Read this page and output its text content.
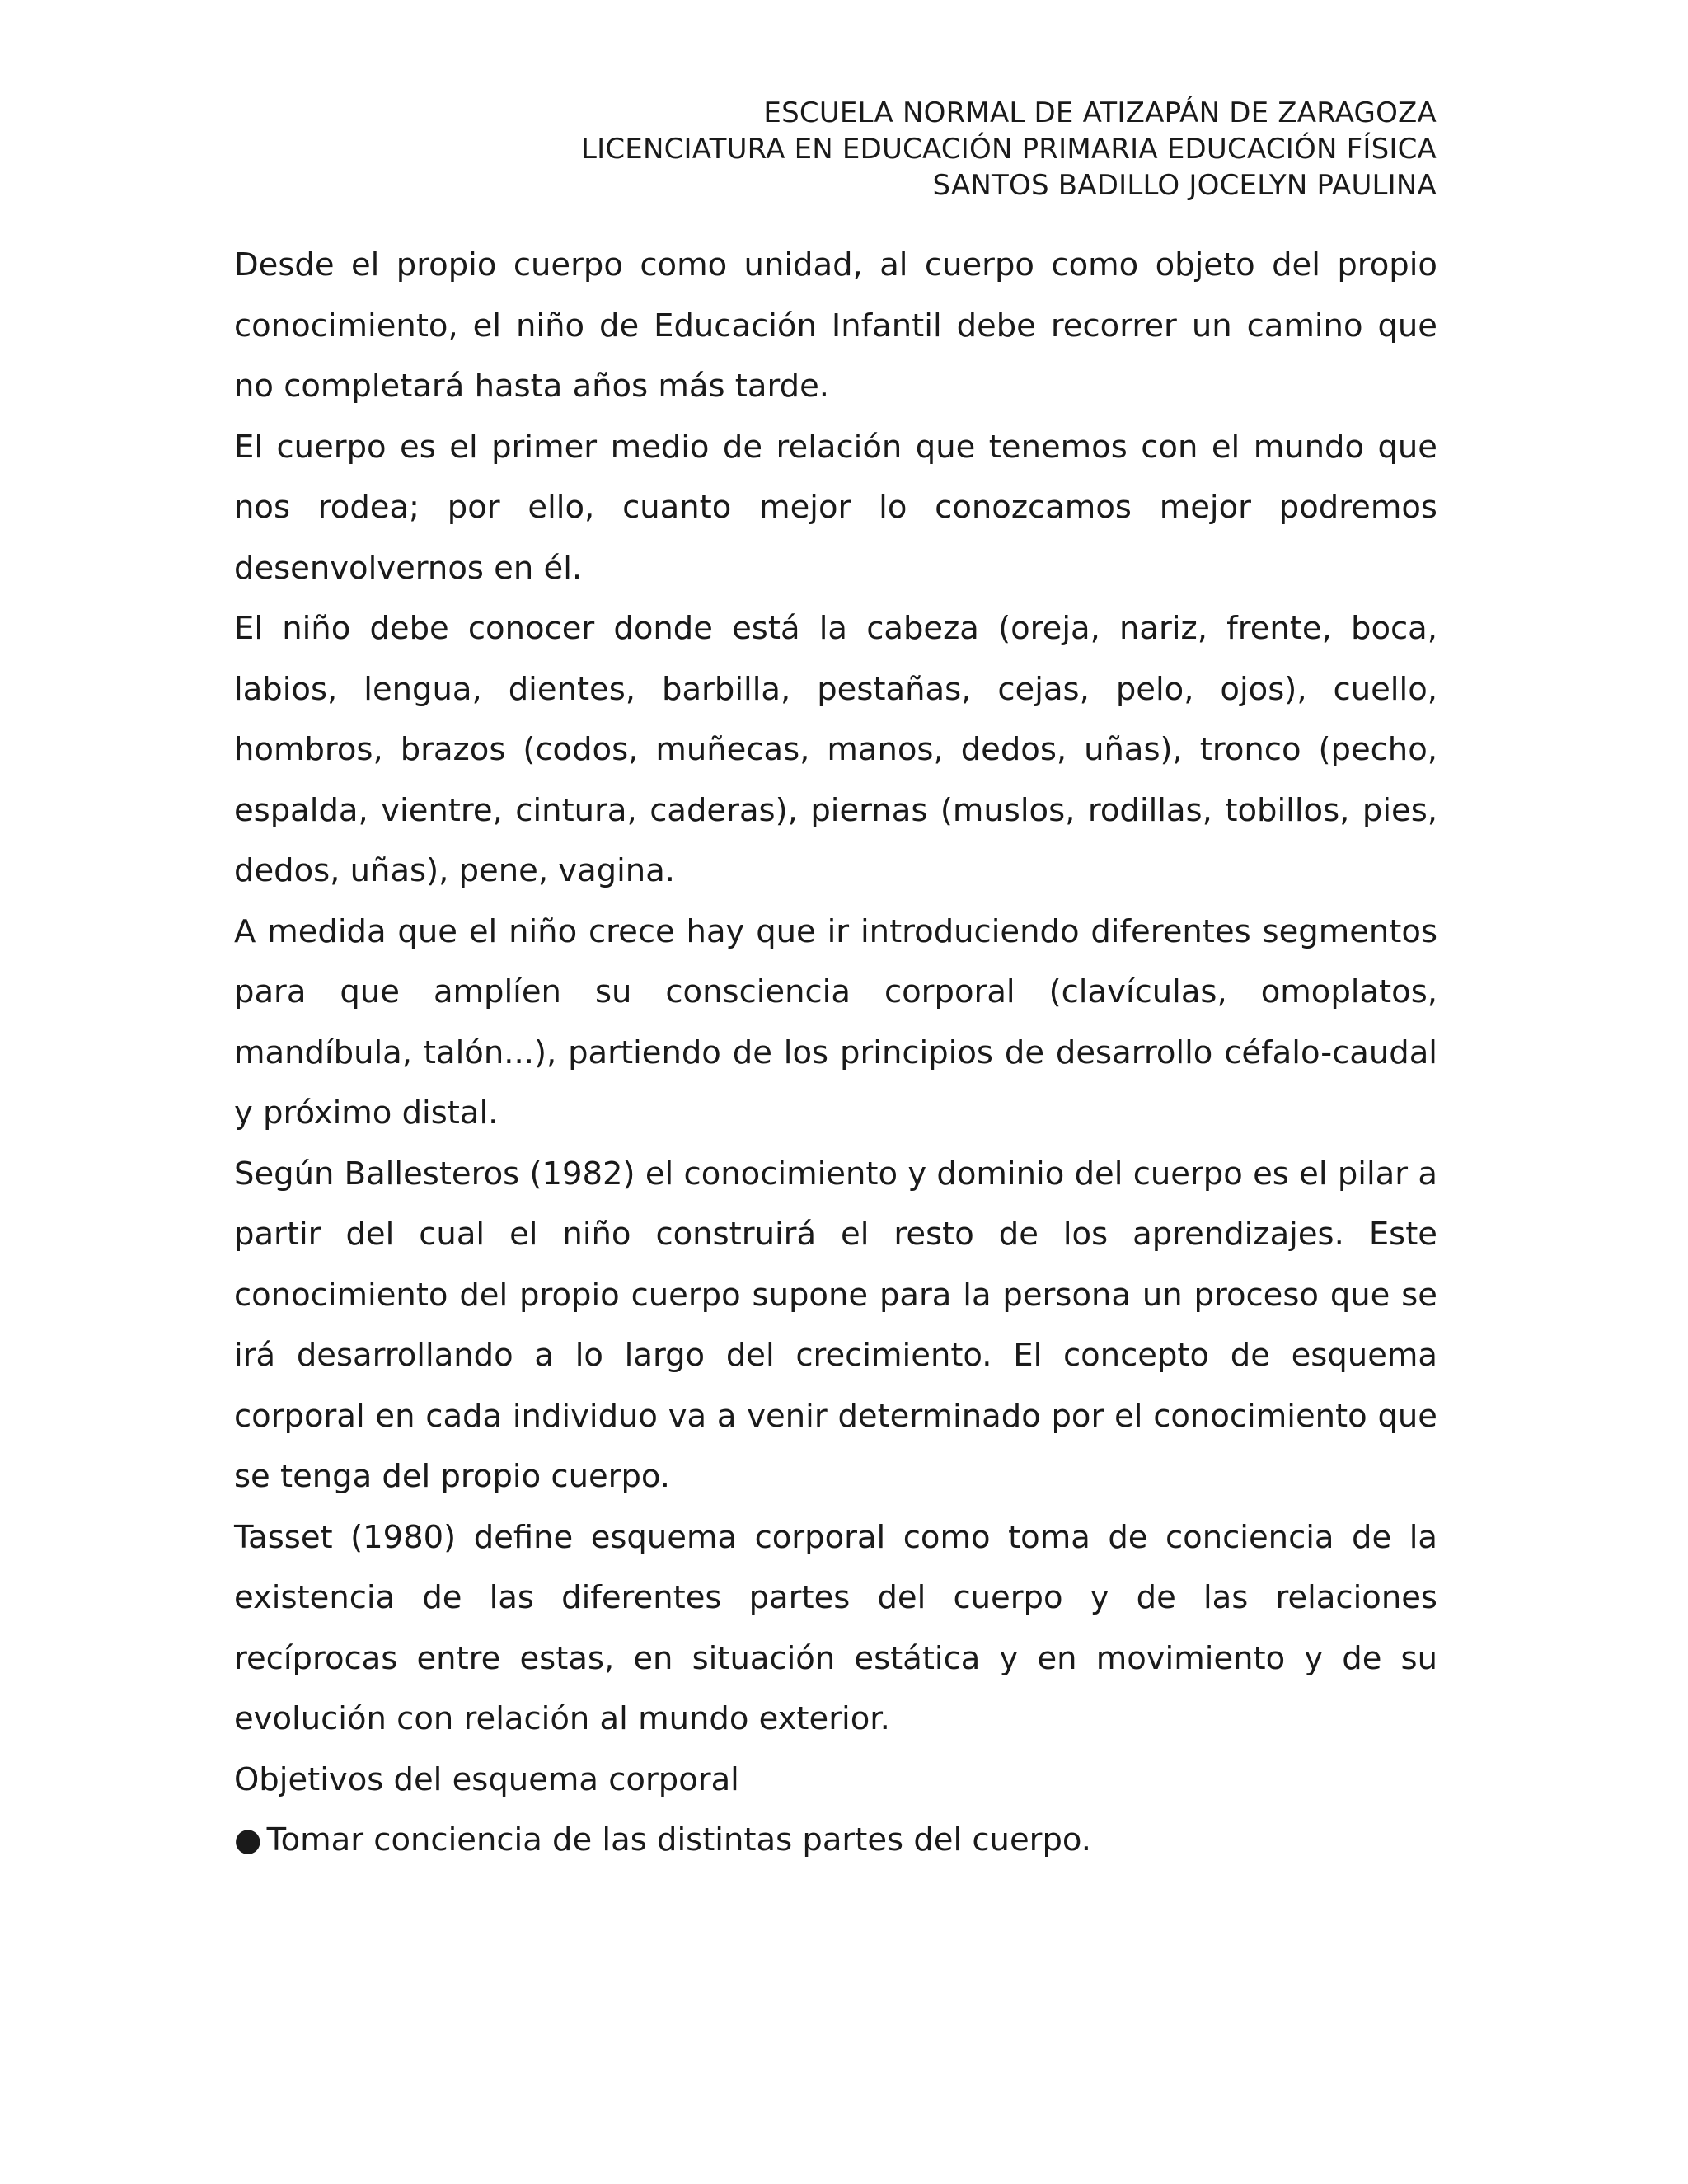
ESCUELA NORMAL DE ATIZAPÁN DE ZARAGOZA
LICENCIATURA EN EDUCACIÓN PRIMARIA EDUCACIÓN FÍSICA
SANTOS BADILLO JOCELYN PAULINA

Desde el propio cuerpo como unidad, al cuerpo como objeto del propio conocimiento, el niño de Educación Infantil debe recorrer un camino que no completará hasta años más tarde.

El cuerpo es el primer medio de relación que tenemos con el mundo que nos rodea; por ello, cuanto mejor lo conozcamos mejor podremos desenvolvernos en él.

El niño debe conocer donde está la cabeza (oreja, nariz, frente, boca, labios, lengua, dientes, barbilla, pestañas, cejas, pelo, ojos), cuello, hombros, brazos (codos, muñecas, manos, dedos, uñas), tronco (pecho, espalda, vientre, cintura, caderas), piernas (muslos, rodillas, tobillos, pies, dedos, uñas), pene, vagina.

A medida que el niño crece hay que ir introduciendo diferentes segmentos para que amplíen su consciencia corporal (clavículas, omoplatos, mandíbula, talón...), partiendo de los principios de desarrollo céfalo-caudal y próximo distal.

Según Ballesteros (1982) el conocimiento y dominio del cuerpo es el pilar a partir del cual el niño construirá el resto de los aprendizajes. Este conocimiento del propio cuerpo supone para la persona un proceso que se irá desarrollando a lo largo del crecimiento. El concepto de esquema corporal en cada individuo va a venir determinado por el conocimiento que se tenga del propio cuerpo.

Tasset (1980) define esquema corporal como toma de conciencia de la existencia de las diferentes partes del cuerpo y de las relaciones recíprocas entre estas, en situación estática y en movimiento y de su evolución con relación al mundo exterior.

Objetivos del esquema corporal

● Tomar conciencia de las distintas partes del cuerpo.
